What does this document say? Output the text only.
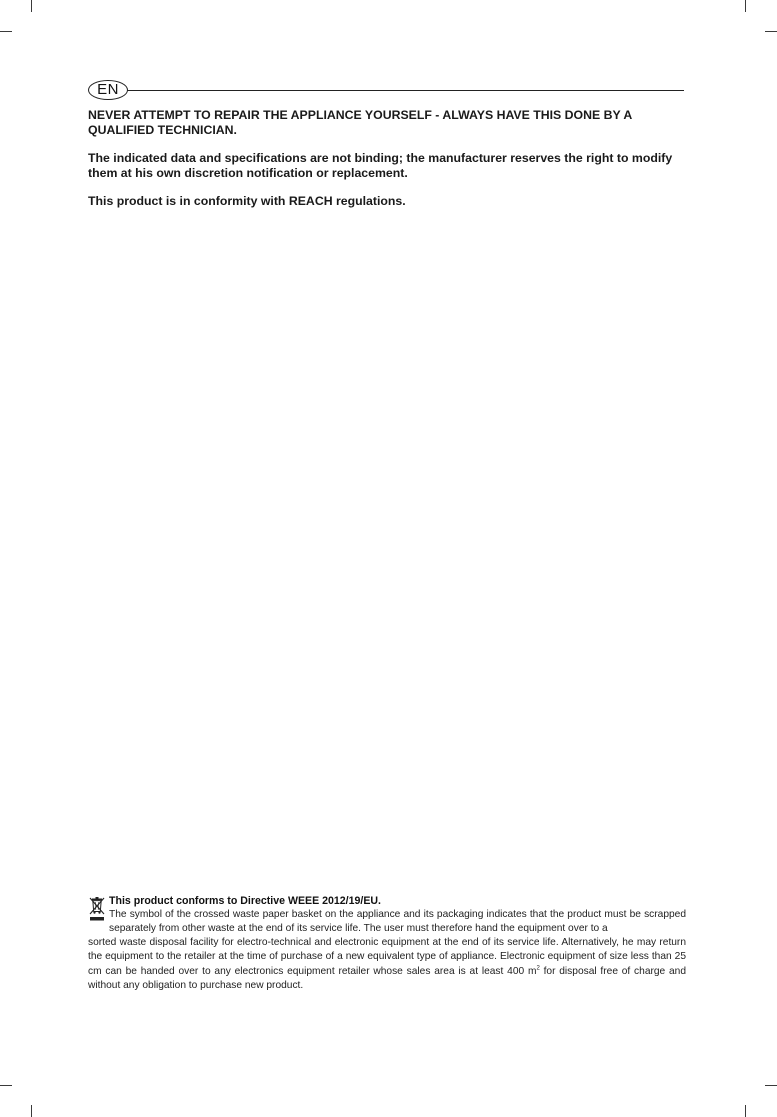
EN

NEVER ATTEMPT TO REPAIR THE APPLIANCE YOURSELF - ALWAYS HAVE THIS DONE BY A QUALIFIED TECHNICIAN.

The indicated data and specifications are not binding; the manufacturer reserves the right to modify them at his own discretion notification or replacement.

This product is in conformity with REACH regulations.

This product conforms to Directive WEEE 2012/19/EU.

The symbol of the crossed waste paper basket on the appliance and its packaging indicates that the product must be scrapped separately from other waste at the end of its service life. The user must therefore hand the equipment over to a

sorted waste disposal facility for electro-technical and electronic equipment at the end of its service life. Alternatively, he may return the equipment to the retailer at the time of purchase of a new equivalent type of appliance. Electronic equipment of size less than 25 cm can be handed over to any electronics equipment retailer whose sales area is at least 400 $m^2$ for disposal free of charge and without any obligation to purchase new product.
